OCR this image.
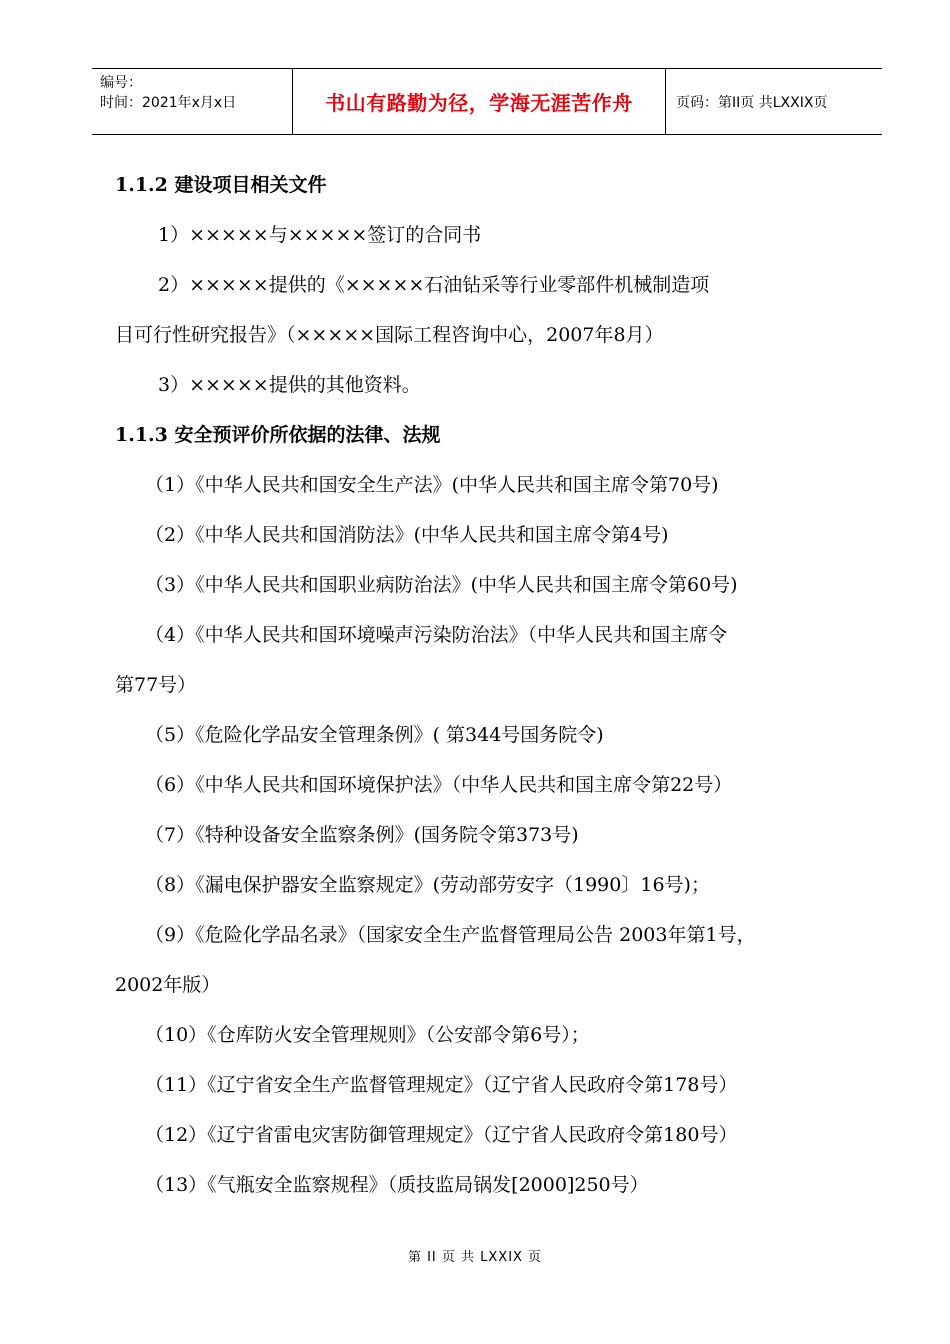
编号：
时间：2021年x月x日	书山有路勤为径，学海无涯苦作舟	页码：第II页 共LXXIX页
1.1.2 建设项目相关文件
1）×××××与×××××签订的合同书
2）×××××提供的《×××××石油钻采等行业零部件机械制造项
目可行性研究报告》（×××××国际工程咨询中心，2007年8月）
3）×××××提供的其他资料。
1.1.3 安全预评价所依据的法律、法规
（1）《中华人民共和国安全生产法》(中华人民共和国主席令第70号)
（2）《中华人民共和国消防法》(中华人民共和国主席令第4号)
（3）《中华人民共和国职业病防治法》(中华人民共和国主席令第60号)
（4）《中华人民共和国环境噪声污染防治法》（中华人民共和国主席令
第77号）
（5）《危险化学品安全管理条例》( 第344号国务院令)
（6）《中华人民共和国环境保护法》（中华人民共和国主席令第22号）
（7）《特种设备安全监察条例》(国务院令第373号)
（8）《漏电保护器安全监察规定》(劳动部劳安字（1990〕16号)；
（9）《危险化学品名录》（国家安全生产监督管理局公告 2003年第1号，
2002年版）
（10）《仓库防火安全管理规则》（公安部令第6号）；
（11）《辽宁省安全生产监督管理规定》（辽宁省人民政府令第178号）
（12）《辽宁省雷电灾害防御管理规定》（辽宁省人民政府令第180号）
（13）《气瓶安全监察规程》（质技监局锅发[2000]250号）
第 II 页 共 LXXIX 页
